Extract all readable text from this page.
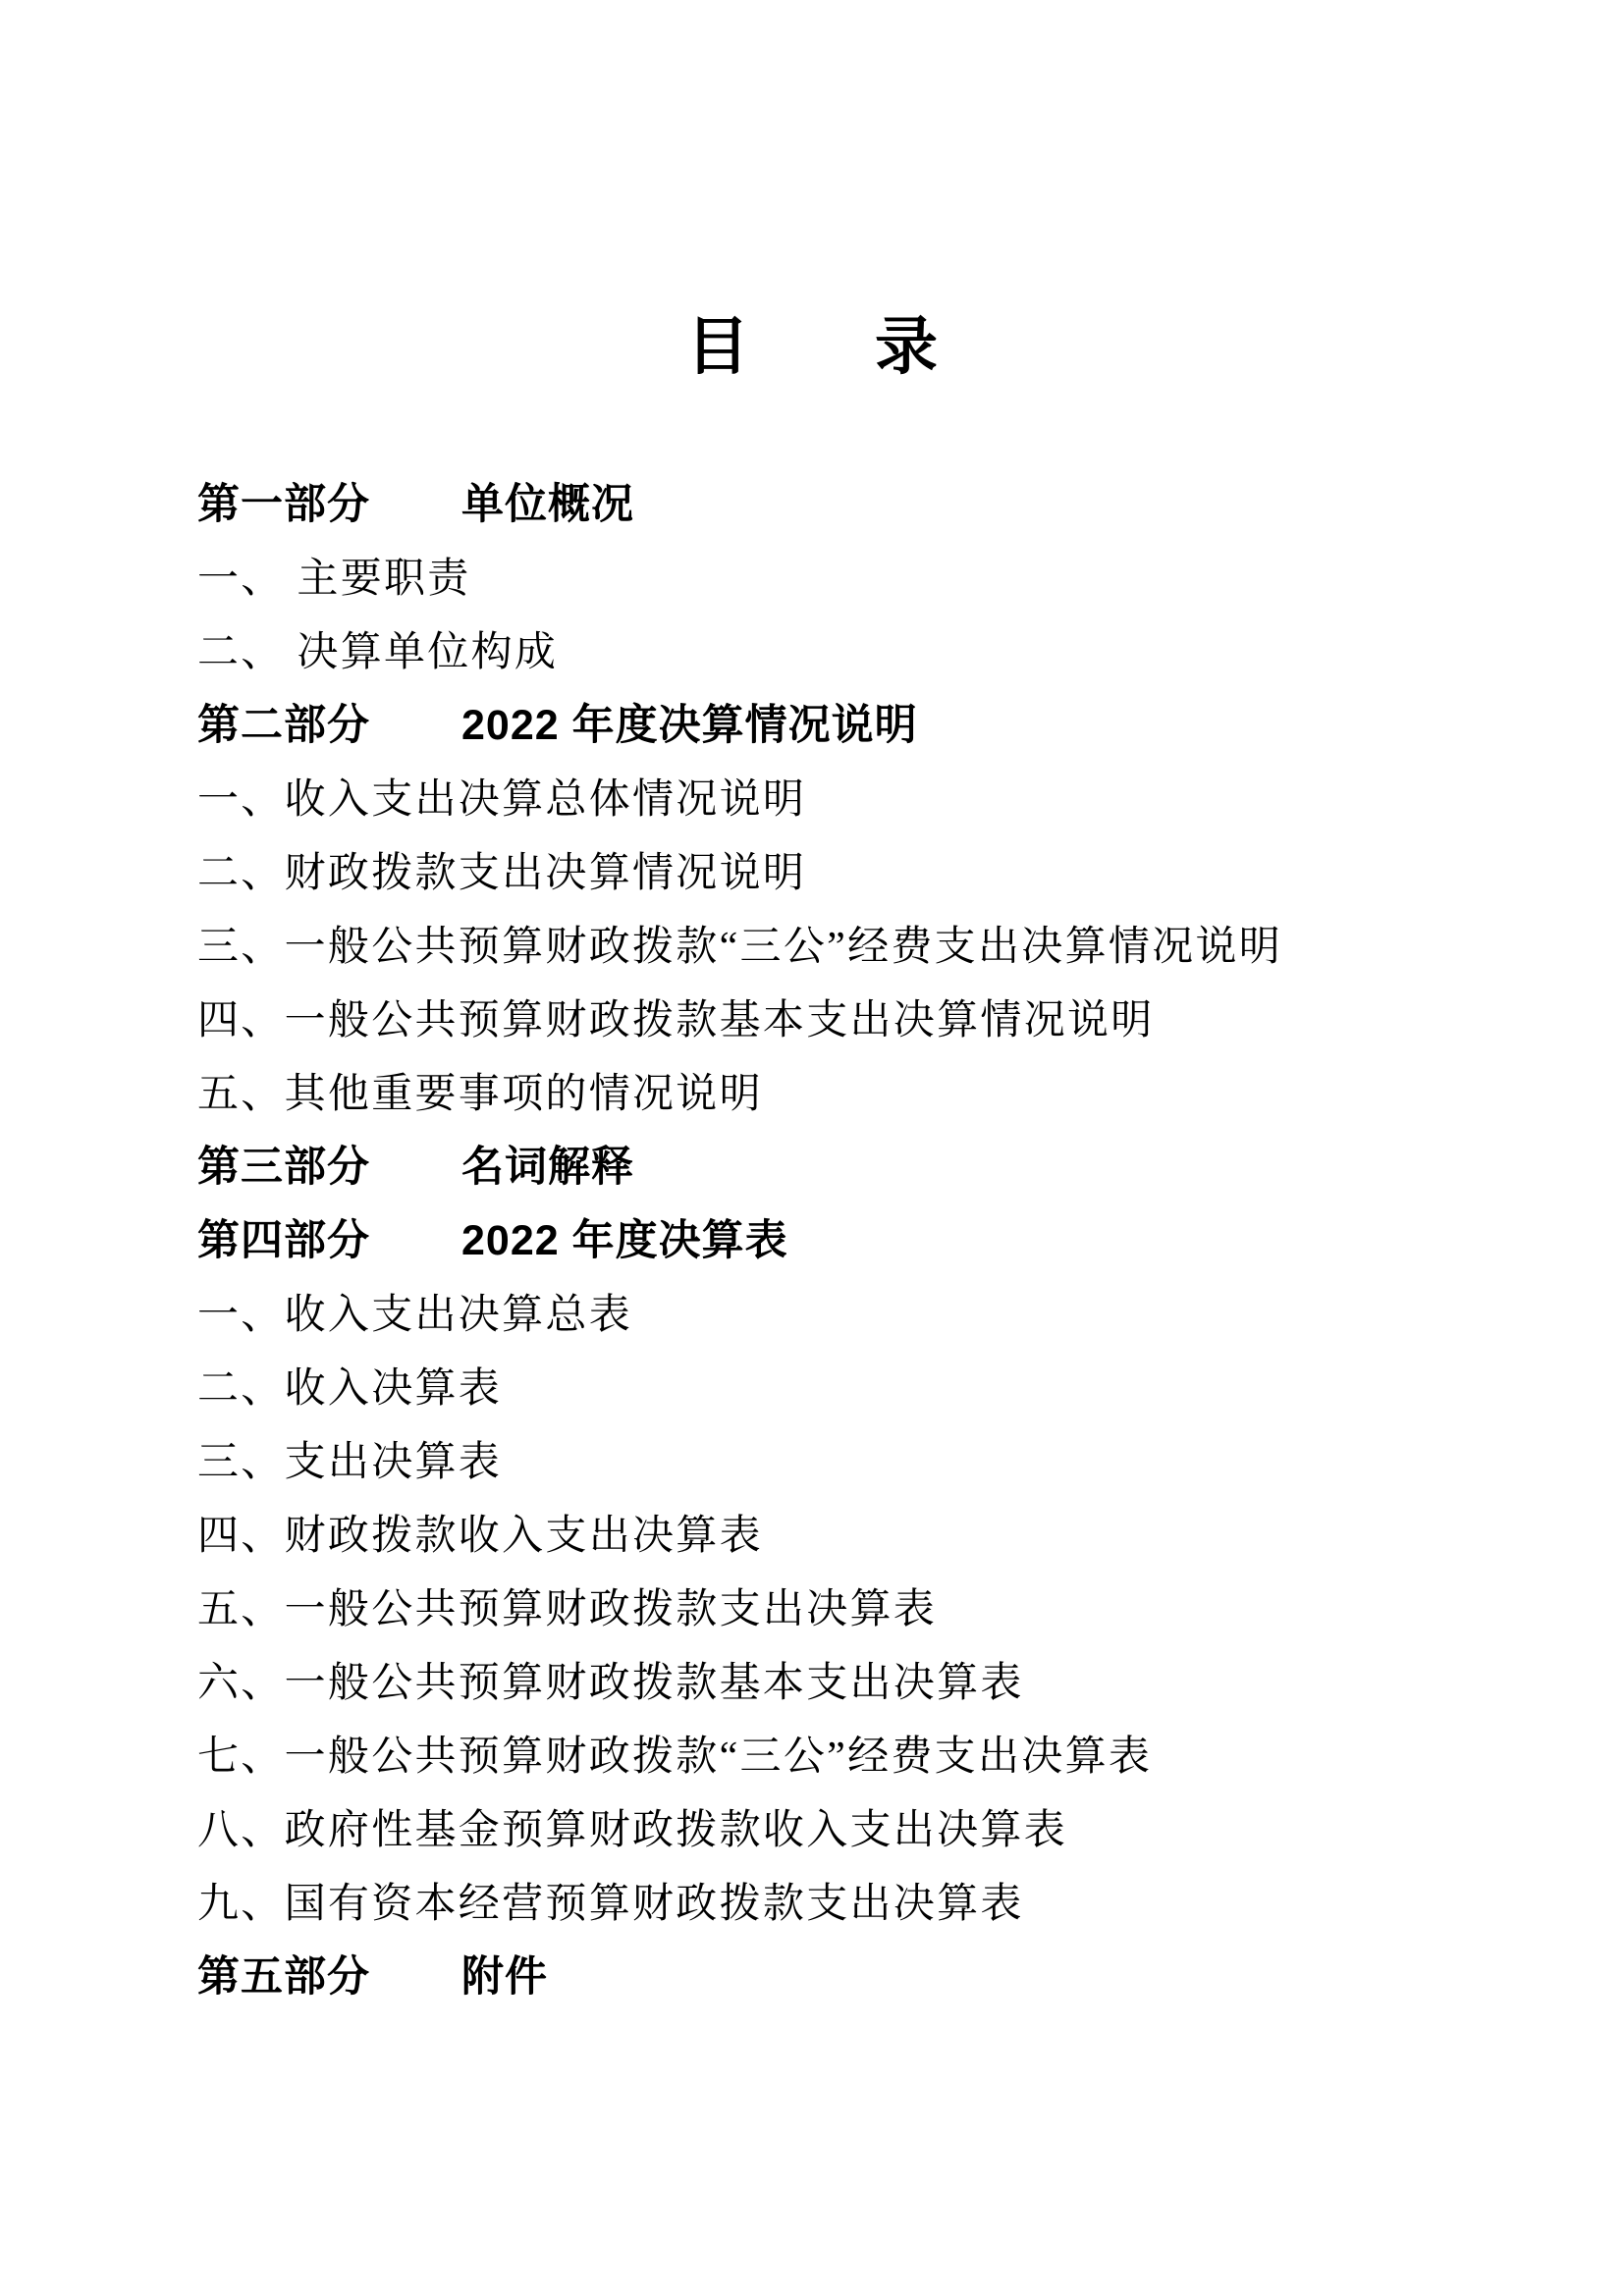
目　　录
第一部分	单位概况
一、 主要职责
二、 决算单位构成
第二部分	2022 年度决算情况说明
一、收入支出决算总体情况说明
二、财政拨款支出决算情况说明
三、一般公共预算财政拨款“三公”经费支出决算情况说明
四、一般公共预算财政拨款基本支出决算情况说明
五、其他重要事项的情况说明
第三部分	名词解释
第四部分	2022 年度决算表
一、收入支出决算总表
二、收入决算表
三、支出决算表
四、财政拨款收入支出决算表
五、一般公共预算财政拨款支出决算表
六、一般公共预算财政拨款基本支出决算表
七、一般公共预算财政拨款“三公”经费支出决算表
八、政府性基金预算财政拨款收入支出决算表
九、国有资本经营预算财政拨款支出决算表
第五部分	附件
